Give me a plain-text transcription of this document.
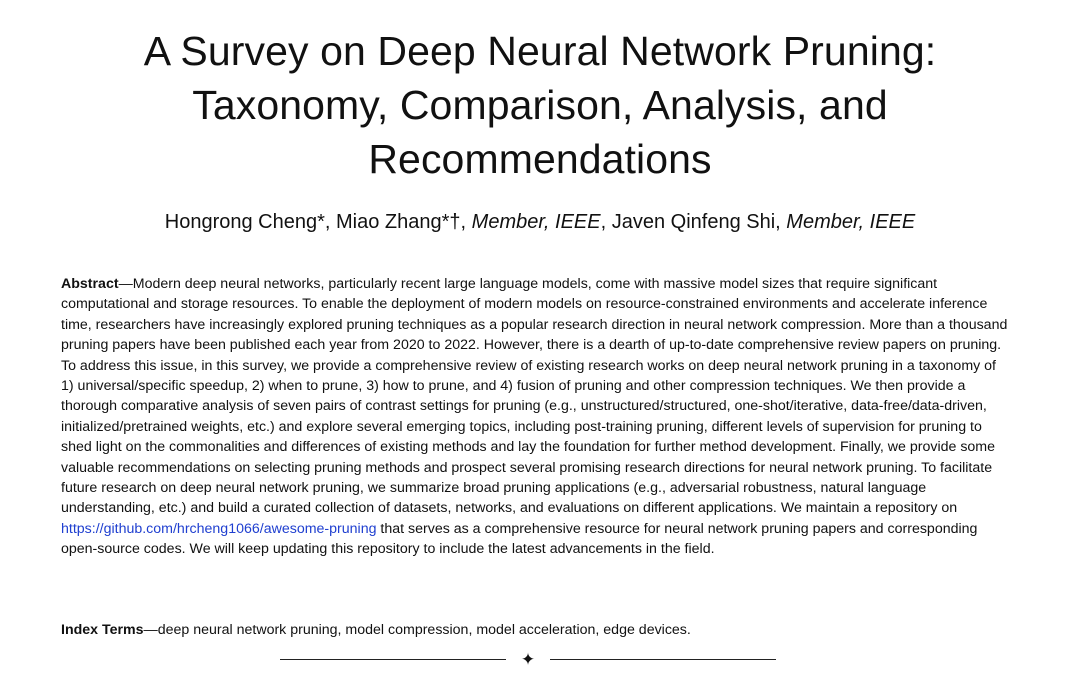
A Survey on Deep Neural Network Pruning:
Taxonomy, Comparison, Analysis, and
Recommendations
Hongrong Cheng*, Miao Zhang*†, Member, IEEE, Javen Qinfeng Shi, Member, IEEE

Abstract—Modern deep neural networks, particularly recent large language models, come with massive model sizes that require significant computational and storage resources. To enable the deployment of modern models on resource-constrained environments and accelerate inference time, researchers have increasingly explored pruning techniques as a popular research direction in neural network compression. More than a thousand pruning papers have been published each year from 2020 to 2022. However, there is a dearth of up-to-date comprehensive review papers on pruning. To address this issue, in this survey, we provide a comprehensive review of existing research works on deep neural network pruning in a taxonomy of 1) universal/specific speedup, 2) when to prune, 3) how to prune, and 4) fusion of pruning and other compression techniques. We then provide a thorough comparative analysis of seven pairs of contrast settings for pruning (e.g., unstructured/structured, one-shot/iterative, data-free/data-driven, initialized/pretrained weights, etc.) and explore several emerging topics, including post-training pruning, different levels of supervision for pruning to shed light on the commonalities and differences of existing methods and lay the foundation for further method development. Finally, we provide some valuable recommendations on selecting pruning methods and prospect several promising research directions for neural network pruning. To facilitate future research on deep neural network pruning, we summarize broad pruning applications (e.g., adversarial robustness, natural language understanding, etc.) and build a curated collection of datasets, networks, and evaluations on different applications. We maintain a repository on https://github.com/hrcheng1066/awesome-pruning that serves as a comprehensive resource for neural network pruning papers and corresponding open-source codes. We will keep updating this repository to include the latest advancements in the field.

Index Terms—deep neural network pruning, model compression, model acceleration, edge devices.

✦
